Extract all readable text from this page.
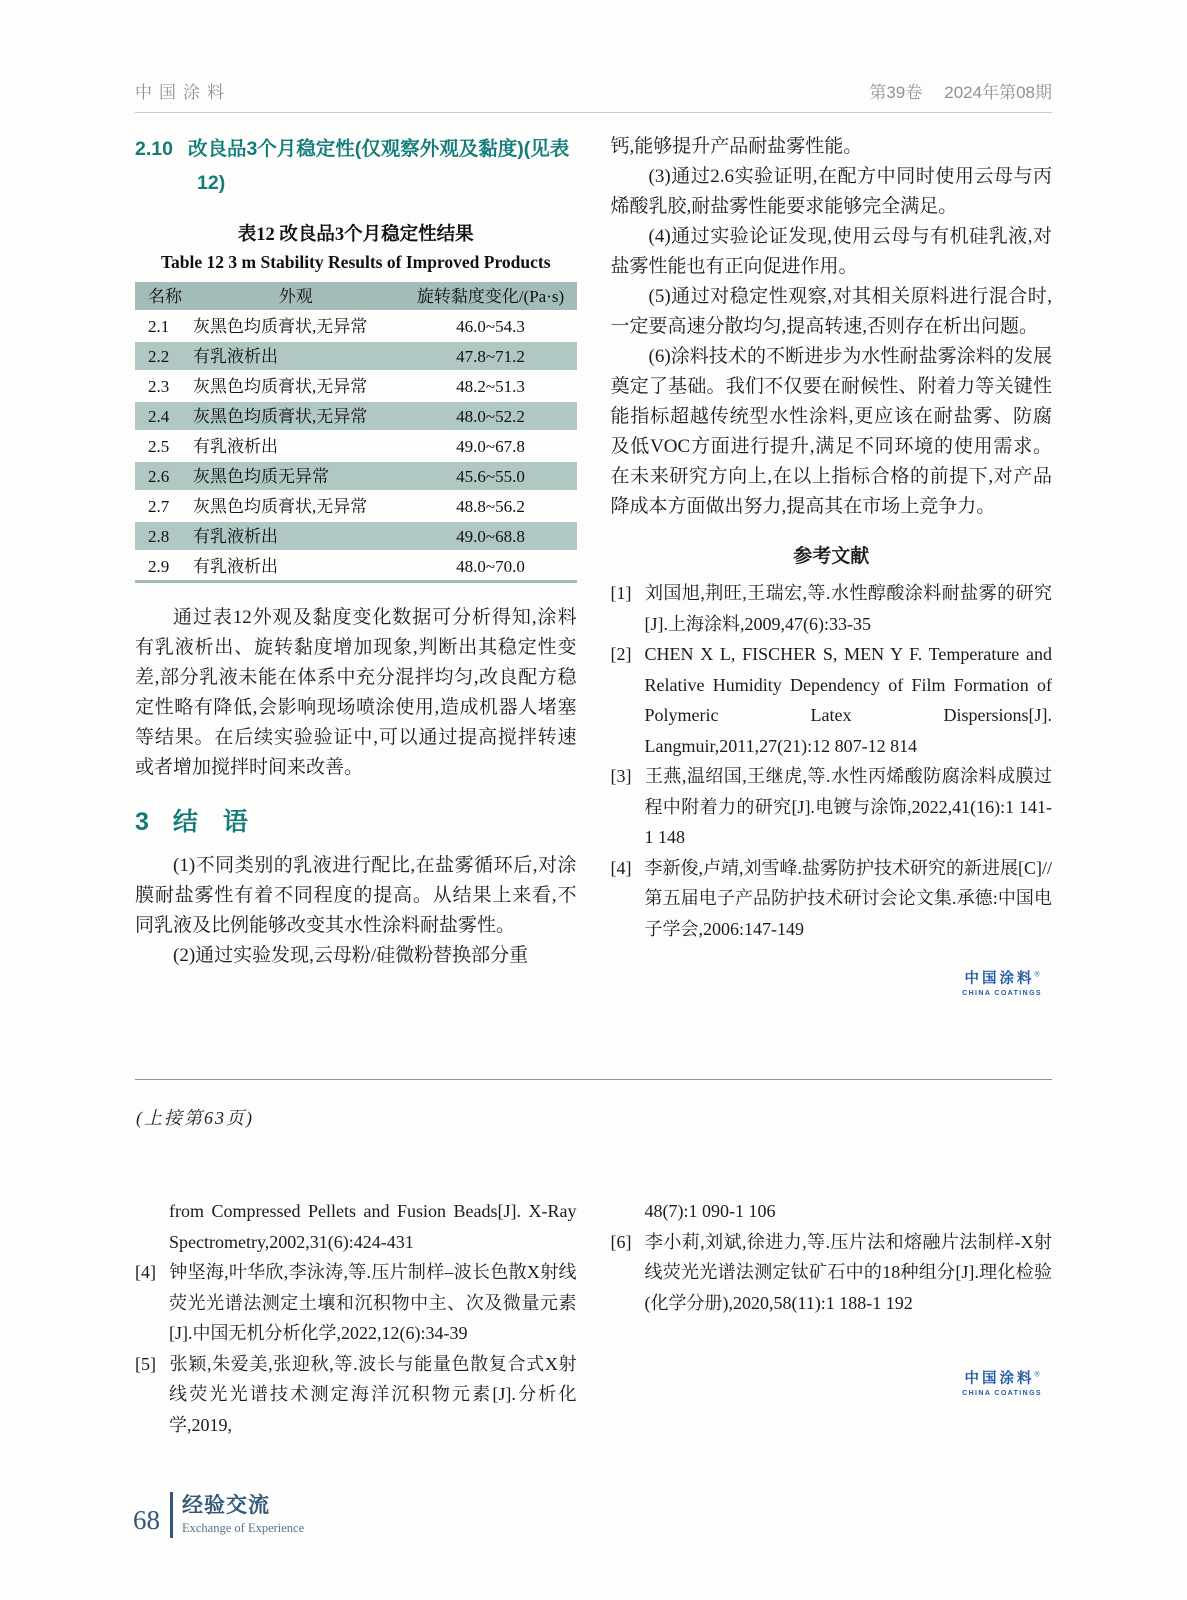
中国涂料	第39卷 2024年第08期
2.10 改良品3个月稳定性(仅观察外观及黏度)(见表12)
表12 改良品3个月稳定性结果
Table 12 3 m Stability Results of Improved Products
名称	外观	旋转黏度变化/(Pa·s)
2.1	灰黑色均质膏状,无异常	46.0~54.3
2.2	有乳液析出	47.8~71.2
2.3	灰黑色均质膏状,无异常	48.2~51.3
2.4	灰黑色均质膏状,无异常	48.0~52.2
2.5	有乳液析出	49.0~67.8
2.6	灰黑色均质无异常	45.6~55.0
2.7	灰黑色均质膏状,无异常	48.8~56.2
2.8	有乳液析出	49.0~68.8
2.9	有乳液析出	48.0~70.0

通过表12外观及黏度变化数据可分析得知,涂料有乳液析出、旋转黏度增加现象,判断出其稳定性变差,部分乳液未能在体系中充分混拌均匀,改良配方稳定性略有降低,会影响现场喷涂使用,造成机器人堵塞等结果。在后续实验验证中,可以通过提高搅拌转速或者增加搅拌时间来改善。

3 结　语

(1)不同类别的乳液进行配比,在盐雾循环后,对涂膜耐盐雾性有着不同程度的提高。从结果上来看,不同乳液及比例能够改变其水性涂料耐盐雾性。

(2)通过实验发现,云母粉/硅微粉替换部分重

钙,能够提升产品耐盐雾性能。

(3)通过2.6实验证明,在配方中同时使用云母与丙烯酸乳胶,耐盐雾性能要求能够完全满足。

(4)通过实验论证发现,使用云母与有机硅乳液,对盐雾性能也有正向促进作用。

(5)通过对稳定性观察,对其相关原料进行混合时,一定要高速分散均匀,提高转速,否则存在析出问题。

(6)涂料技术的不断进步为水性耐盐雾涂料的发展奠定了基础。我们不仅要在耐候性、附着力等关键性能指标超越传统型水性涂料,更应该在耐盐雾、防腐及低VOC方面进行提升,满足不同环境的使用需求。在未来研究方向上,在以上指标合格的前提下,对产品降成本方面做出努力,提高其在市场上竞争力。

参考文献
[1] 刘国旭,荆旺,王瑞宏,等.水性醇酸涂料耐盐雾的研究[J].上海涂料,2009,47(6):33-35
[2] CHEN X L, FISCHER S, MEN Y F. Temperature and Relative Humidity Dependency of Film Formation of Polymeric Latex Dispersions[J]. Langmuir,2011,27(21):12 807-12 814
[3] 王燕,温绍国,王继虎,等.水性丙烯酸防腐涂料成膜过程中附着力的研究[J].电镀与涂饰,2022,41(16):1 141-1 148
[4] 李新俊,卢靖,刘雪峰.盐雾防护技术研究的新进展[C]//第五届电子产品防护技术研讨会论文集.承德:中国电子学会,2006:147-149
中国涂料®
CHINA COATINGS
(上接第63页)
from Compressed Pellets and Fusion Beads[J]. X-Ray Spectrometry,2002,31(6):424-431
[4] 钟坚海,叶华欣,李泳涛,等.压片制样–波长色散X射线荧光光谱法测定土壤和沉积物中主、次及微量元素[J].中国无机分析化学,2022,12(6):34-39
[5] 张颖,朱爱美,张迎秋,等.波长与能量色散复合式X射线荧光光谱技术测定海洋沉积物元素[J].分析化学,2019,
48(7):1 090-1 106
[6] 李小莉,刘斌,徐进力,等.压片法和熔融片法制样-X射线荧光光谱法测定钛矿石中的18种组分[J].理化检验(化学分册),2020,58(11):1 188-1 192
中国涂料®
CHINA COATINGS
68 经验交流
Exchange of Experience
